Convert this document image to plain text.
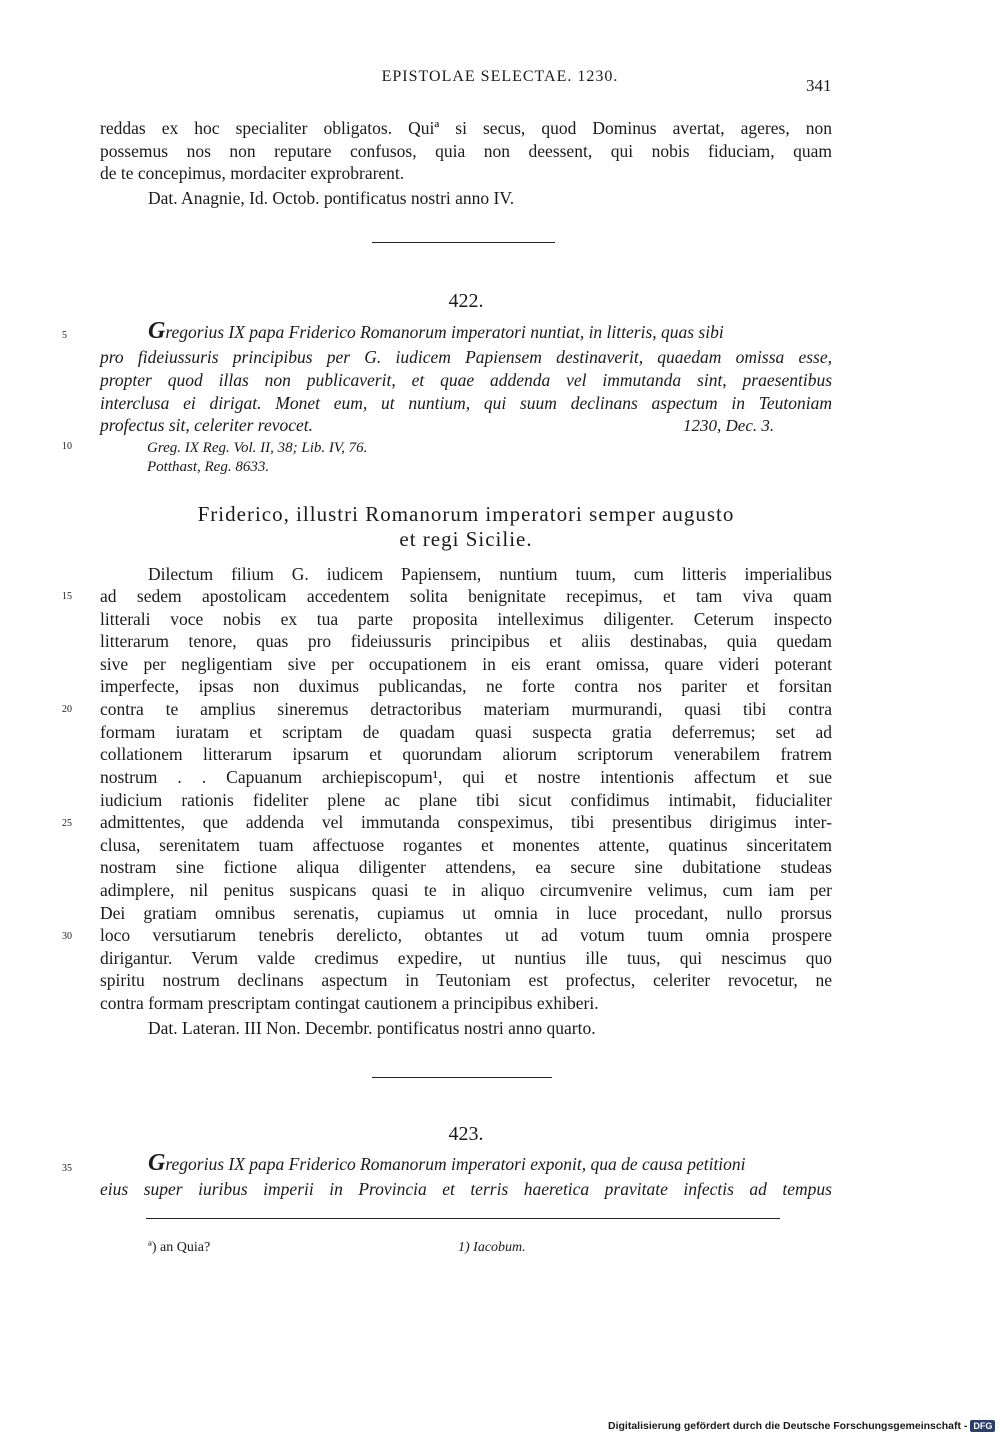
EPISTOLAE SELECTAE. 1230.	341
reddas ex hoc specialiter obligatos. Quiª si secus, quod Dominus avertat, ageres, non
possemus nos non reputare confusos, quia non deessent, qui nobis fiduciam, quam
de te concepimus, mordaciter exprobrarent.
Dat. Anagnie, Id. Octob. pontificatus nostri anno IV.
422.
5	Gregorius IX papa Friderico Romanorum imperatori nuntiat, in litteris, quas sibi
pro fideiussuris principibus per G. iudicem Papiensem destinaverit, quaedam omissa esse,
propter quod illas non publicaverit, et quae addenda vel immutanda sint, praesentibus
interclusa ei dirigat. Monet eum, ut nuntium, qui suum declinans aspectum in Teutoniam
profectus sit, celeriter revocet.	1230, Dec. 3.
10	Greg. IX Reg. Vol. II, 38; Lib. IV, 76.
Potthast, Reg. 8633.
Friderico, illustri Romanorum imperatori semper augusto
et regi Sicilie.
Dilectum filium G. iudicem Papiensem, nuntium tuum, cum litteris imperialibus
15 ad sedem apostolicam accedentem solita benignitate recepimus, et tam viva quam
litterali voce nobis ex tua parte proposita intelleximus diligenter. Ceterum inspecto
litterarum tenore, quas pro fideiussuris principibus et aliis destinabas, quia quedam
sive per negligentiam sive per occupationem in eis erant omissa, quare videri poterant
imperfecte, ipsas non duximus publicandas, ne forte contra nos pariter et forsitan
20 contra te amplius sineremus detractoribus materiam murmurandi, quasi tibi contra
formam iuratam et scriptam de quadam quasi suspecta gratia deferremus; set ad
collationem litterarum ipsarum et quorundam aliorum scriptorum venerabilem fratrem
nostrum . . Capuanum archiepiscopum¹, qui et nostre intentionis affectum et sue
iudicium rationis fideliter plene ac plane tibi sicut confidimus intimabit, fiducialiter
25 admittentes, que addenda vel immutanda conspeximus, tibi presentibus dirigimus inter-
clusa, serenitatem tuam affectuose rogantes et monentes attente, quatinus sinceritatem
nostram sine fictione aliqua diligenter attendens, ea secure sine dubitatione studeas
adimplere, nil penitus suspicans quasi te in aliquo circumvenire velimus, cum iam per
Dei gratiam omnibus serenatis, cupiamus ut omnia in luce procedant, nullo prorsus
30 loco versutiarum tenebris derelicto, obtantes ut ad votum tuum omnia prospere
dirigantur. Verum valde credimus expedire, ut nuntius ille tuus, qui nescimus quo
spiritu nostrum declinans aspectum in Teutoniam est profectus, celeriter revocetur, ne
contra formam prescriptam contingat cautionem a principibus exhiberi.
Dat. Lateran. III Non. Decembr. pontificatus nostri anno quarto.
423.
35	Gregorius IX papa Friderico Romanorum imperatori exponit, qua de causa petitioni
eius super iuribus imperii in Provincia et terris haeretica pravitate infectis ad tempus
ª) an Quia?	1) Iacobum.
Digitalisierung gefördert durch die Deutsche Forschungsgemeinschaft - DFG
